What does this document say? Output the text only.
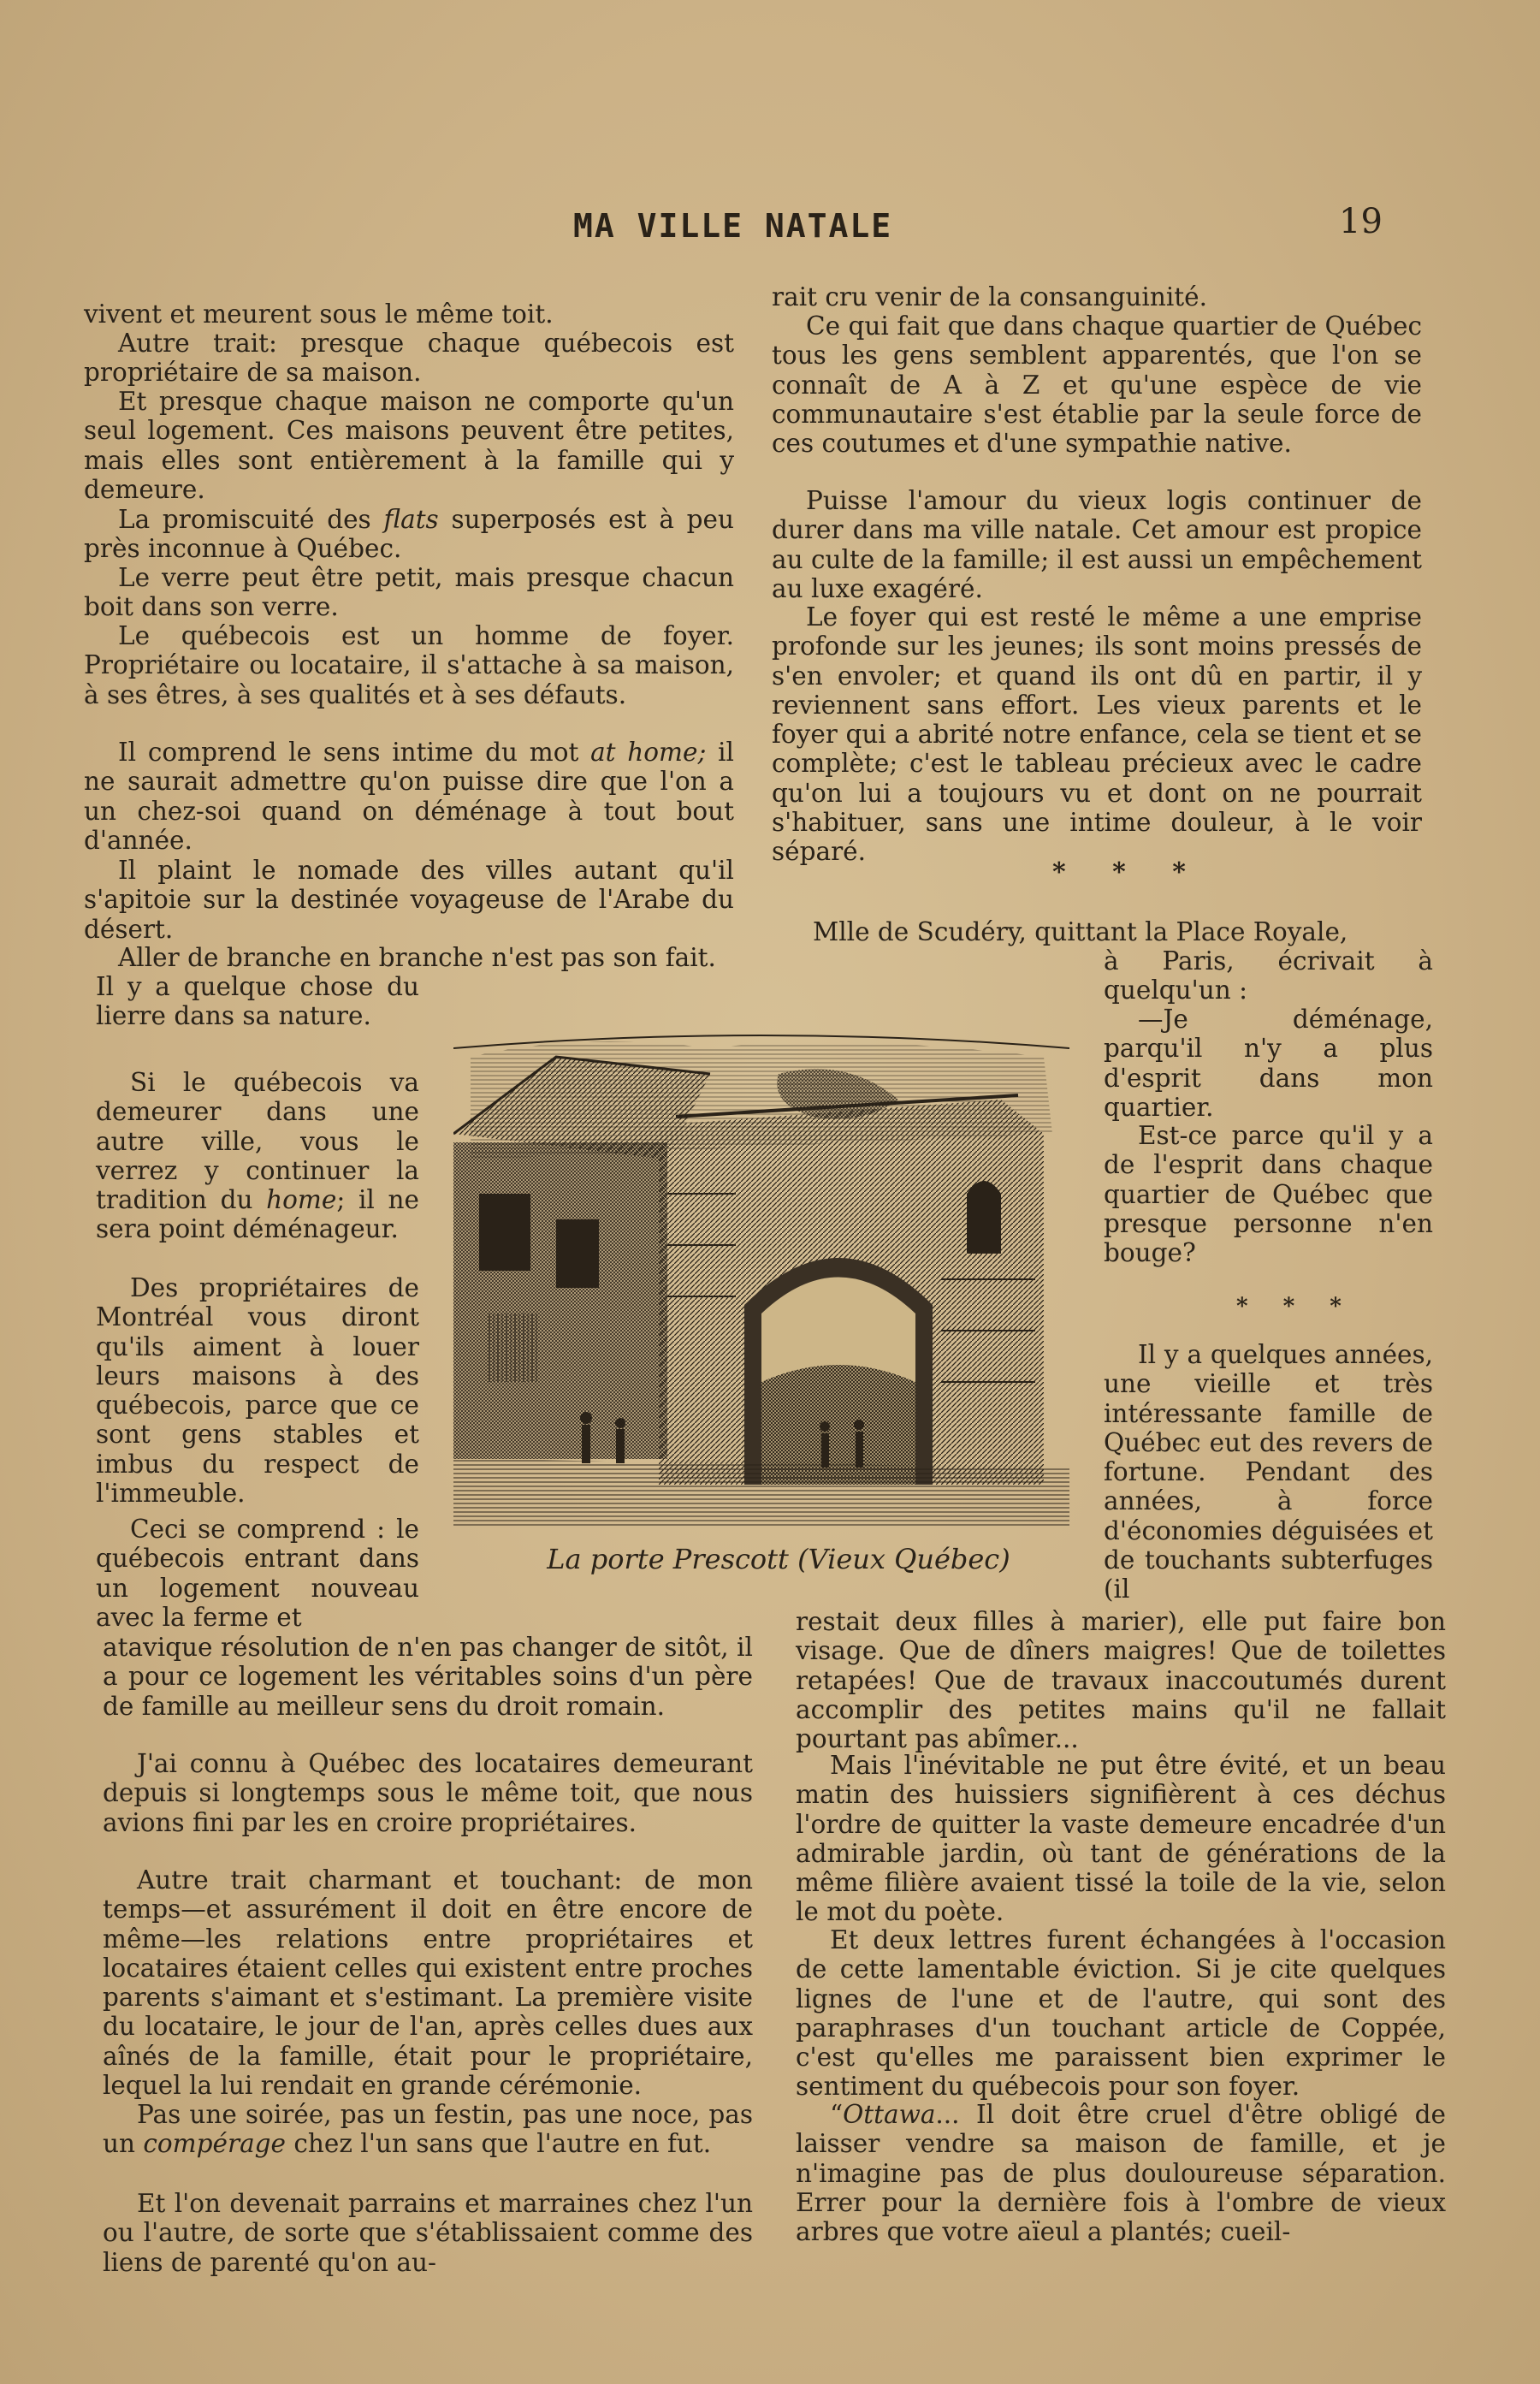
MA VILLE NATALE	19

vivent et meurent sous le même toit.

Autre trait: presque chaque québecois est propriétaire de sa maison.

Et presque chaque maison ne comporte qu'un seul logement. Ces maisons peuvent être petites, mais elles sont entièrement à la famille qui y demeure.

La promiscuité des flats superposés est à peu près inconnue à Québec.

Le verre peut être petit, mais presque chacun boit dans son verre.

Le québecois est un homme de foyer. Propriétaire ou locataire, il s'attache à sa maison, à ses êtres, à ses qualités et à ses défauts.

Il comprend le sens intime du mot at home; il ne saurait admettre qu'on puisse dire que l'on a un chez-soi quand on déménage à tout bout d'année.

Il plaint le nomade des villes autant qu'il s'apitoie sur la destinée voyageuse de l'Arabe du désert.

Aller de branche en branche n'est pas son fait.

Il y a quelque chose du lierre dans sa nature.

Si le québecois va demeurer dans une autre ville, vous le verrez y continuer la tradition du home; il ne sera point déménageur.

Des propriétaires de Montréal vous diront qu'ils aiment à louer leurs maisons à des québecois, parce que ce sont gens stables et imbus du respect de l'immeuble.

Ceci se comprend : le québecois entrant dans un logement nouveau avec la ferme et

atavique résolution de n'en pas changer de sitôt, il a pour ce logement les véritables soins d'un père de famille au meilleur sens du droit romain.

J'ai connu à Québec des locataires demeurant depuis si longtemps sous le même toit, que nous avions fini par les en croire propriétaires.

Autre trait charmant et touchant: de mon temps—et assurément il doit en être encore de même—les relations entre propriétaires et locataires étaient celles qui existent entre proches parents s'aimant et s'estimant. La première visite du locataire, le jour de l'an, après celles dues aux aînés de la famille, était pour le propriétaire, lequel la lui rendait en grande cérémonie.

Pas une soirée, pas un festin, pas une noce, pas un compérage chez l'un sans que l'autre en fut.

Et l'on devenait parrains et marraines chez l'un ou l'autre, de sorte que s'établissaient comme des liens de parenté qu'on au-

rait cru venir de la consanguinité.

Ce qui fait que dans chaque quartier de Québec tous les gens semblent apparentés, que l'on se connaît de A à Z et qu'une espèce de vie communautaire s'est établie par la seule force de ces coutumes et d'une sympathie native.

Puisse l'amour du vieux logis continuer de durer dans ma ville natale. Cet amour est propice au culte de la famille; il est aussi un empêchement au luxe exagéré.

Le foyer qui est resté le même a une emprise profonde sur les jeunes; ils sont moins pressés de s'en envoler; et quand ils ont dû en partir, il y reviennent sans effort. Les vieux parents et le foyer qui a abrité notre enfance, cela se tient et se complète; c'est le tableau précieux avec le cadre qu'on lui a toujours vu et dont on ne pourrait s'habituer, sans une intime douleur, à le voir séparé.

* * *

Mlle de Scudéry, quittant la Place Royale,

à Paris, écrivait à quelqu'un :

—Je déménage, parqu'il n'y a plus d'esprit dans mon quartier.

Est-ce parce qu'il y a de l'esprit dans chaque quartier de Québec que presque personne n'en bouge?

* * *

Il y a quelques années, une vieille et très intéressante famille de Québec eut des revers de fortune. Pendant des années, à force d'économies déguisées et de touchants subterfuges (il

restait deux filles à marier), elle put faire bon visage. Que de dîners maigres! Que de toilettes retapées! Que de travaux inaccoutumés durent accomplir des petites mains qu'il ne fallait pourtant pas abîmer...

Mais l'inévitable ne put être évité, et un beau matin des huissiers signifièrent à ces déchus l'ordre de quitter la vaste demeure encadrée d'un admirable jardin, où tant de générations de la même filière avaient tissé la toile de la vie, selon le mot du poète.

Et deux lettres furent échangées à l'occasion de cette lamentable éviction. Si je cite quelques lignes de l'une et de l'autre, qui sont des paraphrases d'un touchant article de Coppée, c'est qu'elles me paraissent bien exprimer le sentiment du québecois pour son foyer.

“Ottawa... Il doit être cruel d'être obligé de laisser vendre sa maison de famille, et je n'imagine pas de plus douloureuse séparation. Errer pour la dernière fois à l'ombre de vieux arbres que votre aïeul a plantés; cueil-

La porte Prescott (Vieux Québec)
